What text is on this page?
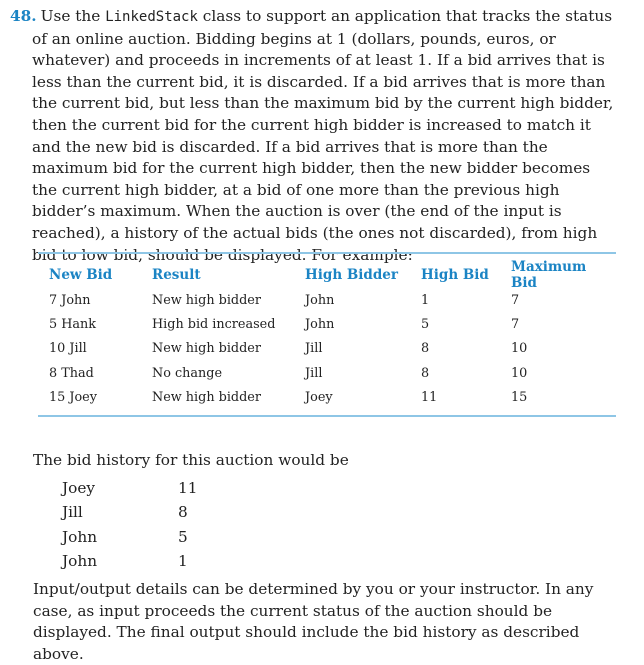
48. Use the LinkedStack class to support an application that tracks the status of an online auction. Bidding begins at 1 (dollars, pounds, euros, or whatever) and proceeds in increments of at least 1. If a bid arrives that is less than the current bid, it is discarded. If a bid arrives that is more than the current bid, but less than the maximum bid by the current high bidder, then the current bid for the current high bidder is increased to match it and the new bid is discarded. If a bid arrives that is more than the maximum bid for the current high bidder, then the new bidder becomes the current high bidder, at a bid of one more than the previous high bidder’s maximum. When the auction is over (the end of the input is reached), a history of the actual bids (the ones not discarded), from high bid to low bid, should be displayed. For example:

New Bid	Result	High Bidder	High Bid	Maximum Bid
7 John	New high bidder	John	1	7
5 Hank	High bid increased	John	5	7
10 Jill	New high bidder	Jill	8	10
8 Thad	No change	Jill	8	10
15 Joey	New high bidder	Joey	11	15
The bid history for this auction would be
Joey	11
Jill	8
John	5
John	1

Input/output details can be determined by you or your instructor. In any case, as input proceeds the current status of the auction should be displayed. The final output should include the bid history as described above.
